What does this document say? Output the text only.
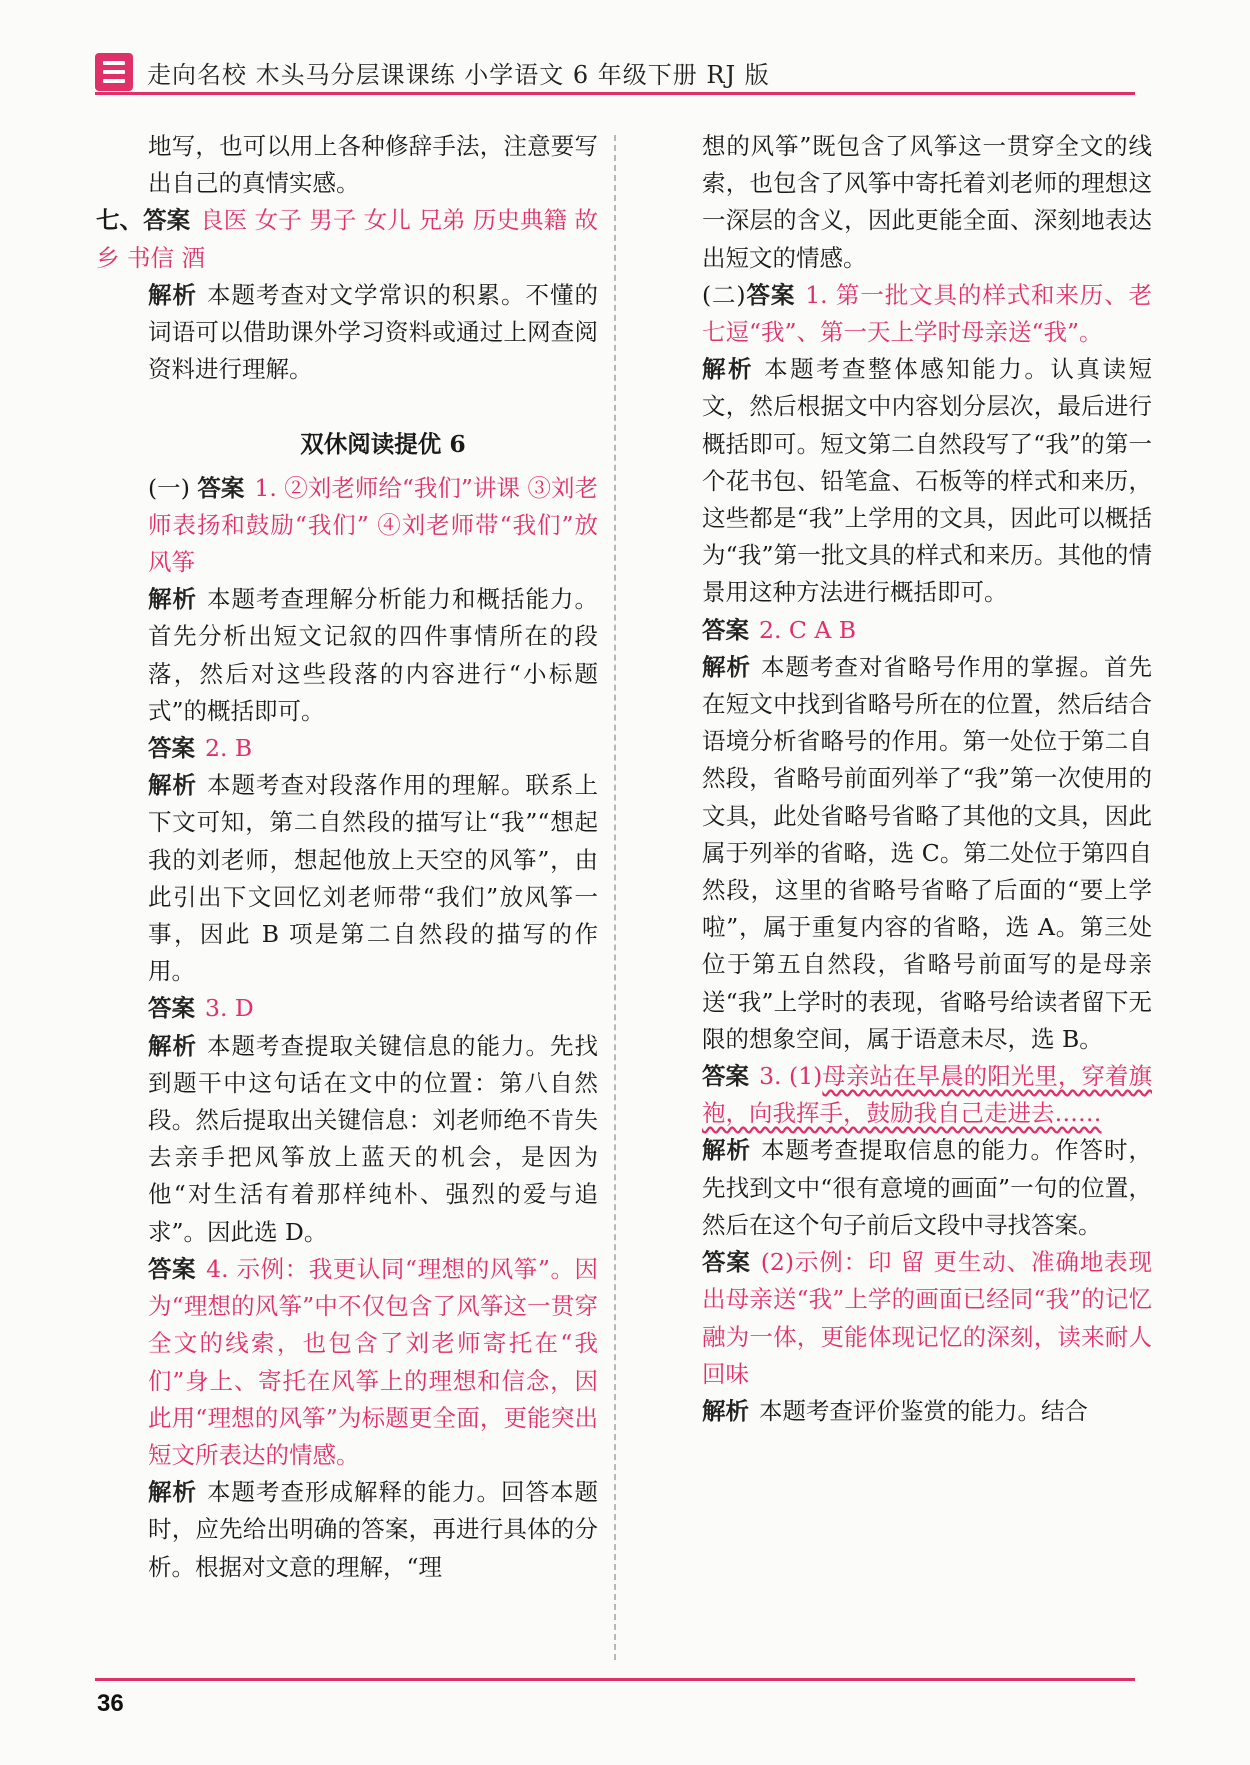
走向名校 木头马分层课课练 小学语文 6 年级下册 RJ 版

地写，也可以用上各种修辞手法，注意要写出自己的真情实感。

七、答案 良医 女子 男子 女儿 兄弟 历史典籍 故乡 书信 酒

解析 本题考查对文学常识的积累。不懂的词语可以借助课外学习资料或通过上网查阅资料进行理解。

双休阅读提优 6

(一) 答案 1. ②刘老师给“我们”讲课 ③刘老师表扬和鼓励“我们” ④刘老师带“我们”放风筝

解析 本题考查理解分析能力和概括能力。首先分析出短文记叙的四件事情所在的段落，然后对这些段落的内容进行“小标题式”的概括即可。

答案 2. B

解析 本题考查对段落作用的理解。联系上下文可知，第二自然段的描写让“我”“想起我的刘老师，想起他放上天空的风筝”，由此引出下文回忆刘老师带“我们”放风筝一事，因此 B 项是第二自然段的描写的作用。

答案 3. D

解析 本题考查提取关键信息的能力。先找到题干中这句话在文中的位置：第八自然段。然后提取出关键信息：刘老师绝不肯失去亲手把风筝放上蓝天的机会，是因为他“对生活有着那样纯朴、强烈的爱与追求”。因此选 D。

答案 4. 示例：我更认同“理想的风筝”。因为“理想的风筝”中不仅包含了风筝这一贯穿全文的线索，也包含了刘老师寄托在“我们”身上、寄托在风筝上的理想和信念，因此用“理想的风筝”为标题更全面，更能突出短文所表达的情感。

解析 本题考查形成解释的能力。回答本题时，应先给出明确的答案，再进行具体的分析。根据对文意的理解，“理

想的风筝”既包含了风筝这一贯穿全文的线索，也包含了风筝中寄托着刘老师的理想这一深层的含义，因此更能全面、深刻地表达出短文的情感。

(二)答案 1. 第一批文具的样式和来历、老七逗“我”、第一天上学时母亲送“我”。

解析 本题考查整体感知能力。认真读短文，然后根据文中内容划分层次，最后进行概括即可。短文第二自然段写了“我”的第一个花书包、铅笔盒、石板等的样式和来历，这些都是“我”上学用的文具，因此可以概括为“我”第一批文具的样式和来历。其他的情景用这种方法进行概括即可。

答案 2. C A B

解析 本题考查对省略号作用的掌握。首先在短文中找到省略号所在的位置，然后结合语境分析省略号的作用。第一处位于第二自然段，省略号前面列举了“我”第一次使用的文具，此处省略号省略了其他的文具，因此属于列举的省略，选 C。第二处位于第四自然段，这里的省略号省略了后面的“要上学啦”，属于重复内容的省略，选 A。第三处位于第五自然段，省略号前面写的是母亲送“我”上学时的表现，省略号给读者留下无限的想象空间，属于语意未尽，选 B。

答案 3. (1)母亲站在早晨的阳光里，穿着旗袍，向我挥手，鼓励我自己走进去……

解析 本题考查提取信息的能力。作答时，先找到文中“很有意境的画面”一句的位置，然后在这个句子前后文段中寻找答案。

答案 (2)示例：印 留 更生动、准确地表现出母亲送“我”上学的画面已经同“我”的记忆融为一体，更能体现记忆的深刻，读来耐人回味

解析 本题考查评价鉴赏的能力。结合

36
